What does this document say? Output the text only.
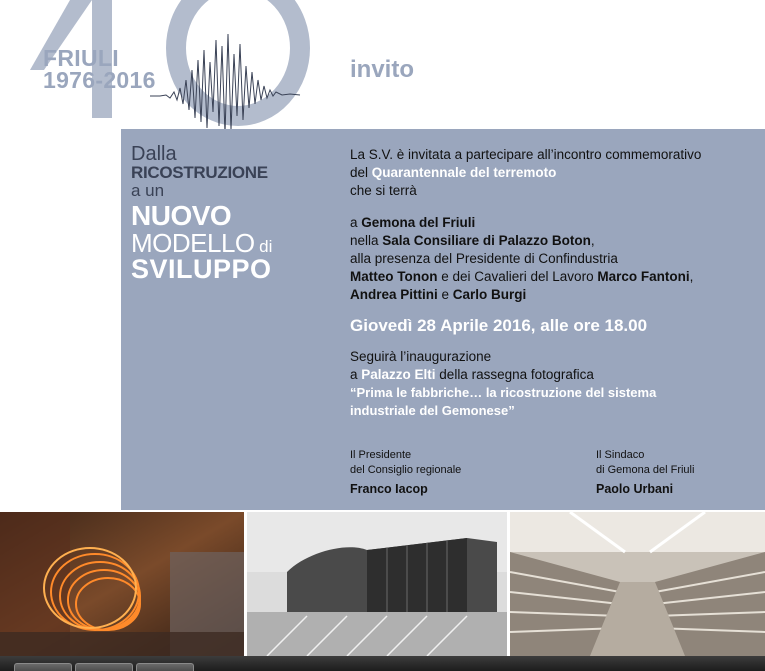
FRIULI
1976-2016	invito
Dalla
RICOSTRUZIONE
a un
NUOVO
MODELLO di
SVILUPPO

La S.V. è invitata a partecipare all’incontro commemorativo

del Quarantennale del terremoto

che si terrà

a Gemona del Friuli

nella Sala Consiliare di Palazzo Boton,

alla presenza del Presidente di Confindustria

Matteo Tonon e dei Cavalieri del Lavoro Marco Fantoni,

Andrea Pittini e Carlo Burgi

Giovedì 28 Aprile 2016, alle ore 18.00

Seguirà l’inaugurazione

a Palazzo Elti della rassegna fotografica

“Prima le fabbriche… la ricostruzione del sistema industriale del Gemonese”

Il Presidente
del Consiglio regionale
Franco Iacop
Il Sindaco
di Gemona del Friuli
Paolo Urbani
